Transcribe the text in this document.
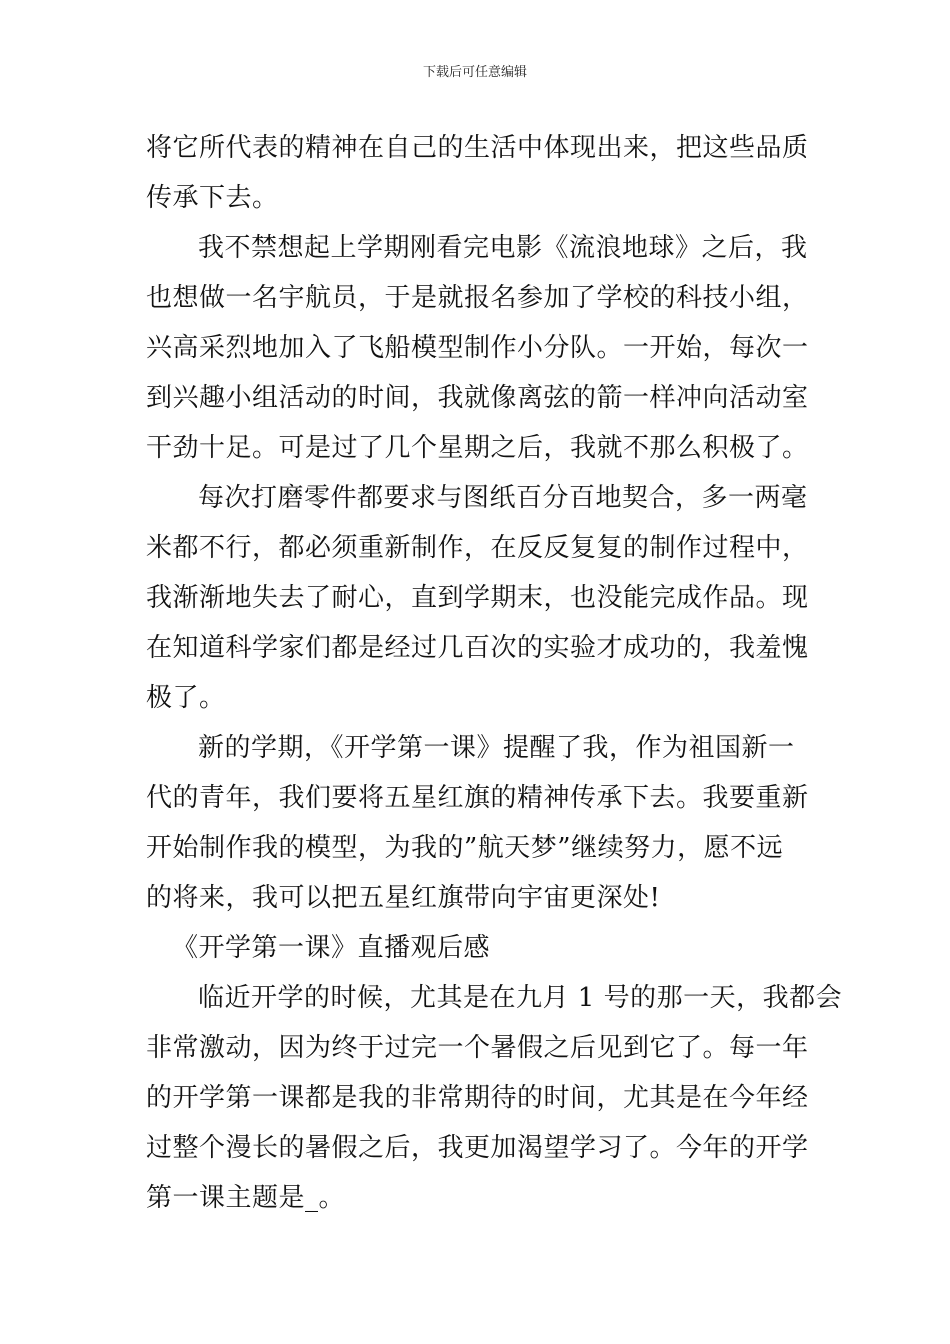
下载后可任意编辑
将它所代表的精神在自己的生活中体现出来，把这些品质
传承下去。
我不禁想起上学期刚看完电影《流浪地球》之后，我
也想做一名宇航员，于是就报名参加了学校的科技小组，
兴高采烈地加入了飞船模型制作小分队。一开始，每次一
到兴趣小组活动的时间，我就像离弦的箭一样冲向活动室
干劲十足。可是过了几个星期之后，我就不那么积极了。
每次打磨零件都要求与图纸百分百地契合，多一两毫
米都不行，都必须重新制作，在反反复复的制作过程中，
我渐渐地失去了耐心，直到学期末，也没能完成作品。现
在知道科学家们都是经过几百次的实验才成功的，我羞愧
极了。
新的学期，《开学第一课》提醒了我，作为祖国新一
代的青年，我们要将五星红旗的精神传承下去。我要重新
开始制作我的模型，为我的”航天梦”继续努力，愿不远
的将来，我可以把五星红旗带向宇宙更深处!
《开学第一课》直播观后感
临近开学的时候，尤其是在九月 1 号的那一天，我都会
非常激动，因为终于过完一个暑假之后见到它了。每一年
的开学第一课都是我的非常期待的时间，尤其是在今年经
过整个漫长的暑假之后，我更加渴望学习了。今年的开学
第一课主题是_。
